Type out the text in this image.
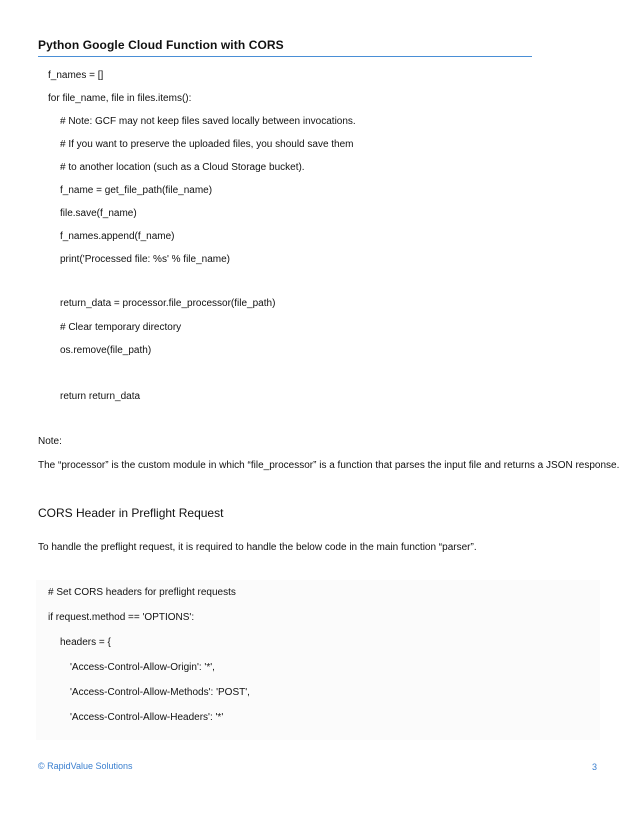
Python Google Cloud Function with CORS
f_names = []
for file_name, file in files.items():
# Note: GCF may not keep files saved locally between invocations.
# If you want to preserve the uploaded files, you should save them
# to another location (such as a Cloud Storage bucket).
f_name = get_file_path(file_name)
file.save(f_name)
f_names.append(f_name)
print('Processed file: %s' % file_name)
return_data = processor.file_processor(file_path)
# Clear temporary directory
os.remove(file_path)
return return_data
Note:
The “processor” is the custom module in which “file_processor” is a function that parses the input file and returns a JSON response.
CORS Header in Preflight Request
To handle the preflight request, it is required to handle the below code in the main function “parser”.
# Set CORS headers for preflight requests
if request.method == 'OPTIONS':
headers = {
'Access-Control-Allow-Origin': '*',
'Access-Control-Allow-Methods': 'POST',
'Access-Control-Allow-Headers': '*'
© RapidValue Solutions	3
